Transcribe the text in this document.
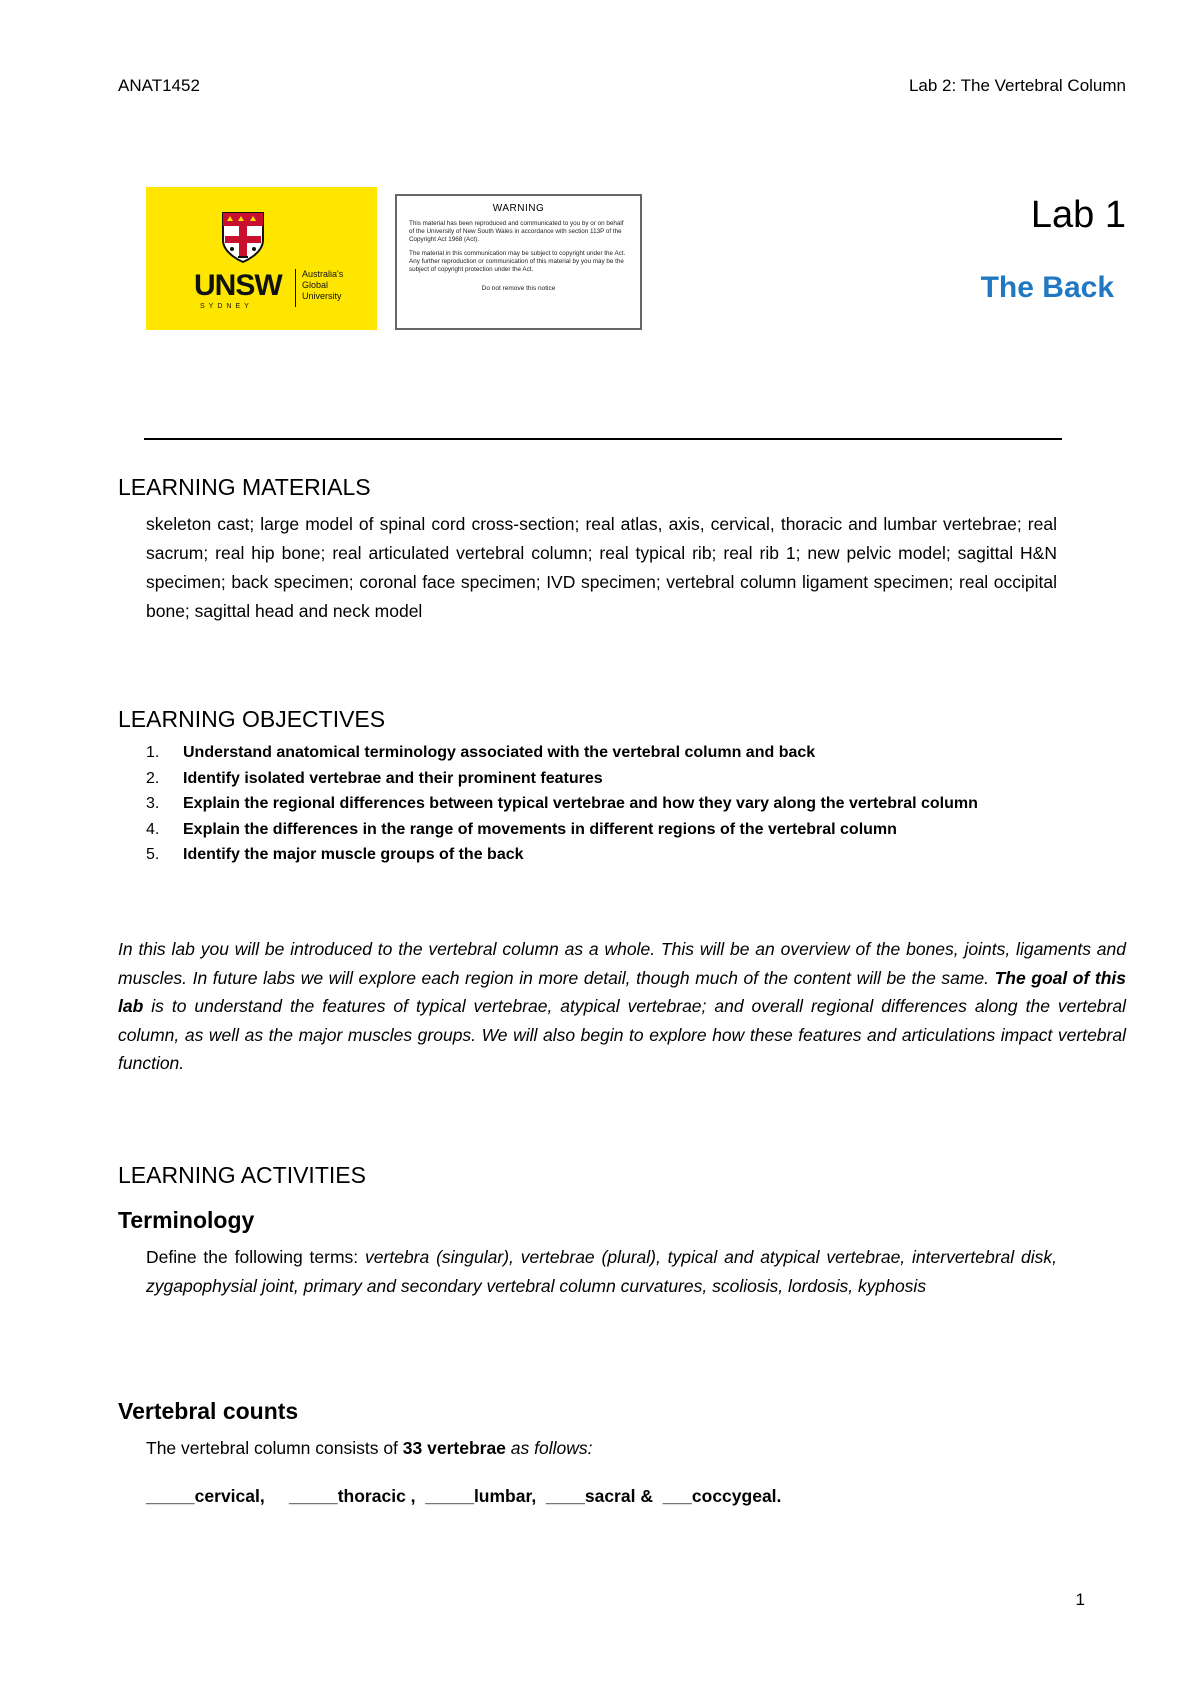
ANAT1452	Lab 2: The Vertebral Column
UNSW
SYDNEY
Australia's
Global
University
WARNING
This material has been reproduced and communicated to you by or on behalf of the University of New South Wales in accordance with section 113P of the Copyright Act 1968 (Act).
The material in this communication may be subject to copyright under the Act. Any further reproduction or communication of this material by you may be the subject of copyright protection under the Act.
Do not remove this notice
Lab 1
The Back
LEARNING MATERIALS
skeleton cast; large model of spinal cord cross-section; real atlas, axis, cervical, thoracic and lumbar vertebrae; real sacrum; real hip bone; real articulated vertebral column; real typical rib; real rib 1; new pelvic model; sagittal H&N specimen; back specimen; coronal face specimen; IVD specimen; vertebral column ligament specimen; real occipital bone; sagittal head and neck model
LEARNING OBJECTIVES
1. Understand anatomical terminology associated with the vertebral column and back
2. Identify isolated vertebrae and their prominent features
3. Explain the regional differences between typical vertebrae and how they vary along the vertebral column
4. Explain the differences in the range of movements in different regions of the vertebral column
5. Identify the major muscle groups of the back
In this lab you will be introduced to the vertebral column as a whole. This will be an overview of the bones, joints, ligaments and muscles. In future labs we will explore each region in more detail, though much of the content will be the same. The goal of this lab is to understand the features of typical vertebrae, atypical vertebrae; and overall regional differences along the vertebral column, as well as the major muscles groups. We will also begin to explore how these features and articulations impact vertebral function.
LEARNING ACTIVITIES
Terminology
Define the following terms: vertebra (singular), vertebrae (plural), typical and atypical vertebrae, intervertebral disk, zygapophysial joint, primary and secondary vertebral column curvatures, scoliosis, lordosis, kyphosis
Vertebral counts
The vertebral column consists of 33 vertebrae as follows:
_____cervical, _____thoracic , _____lumbar, ____sacral & ___coccygeal.
1
